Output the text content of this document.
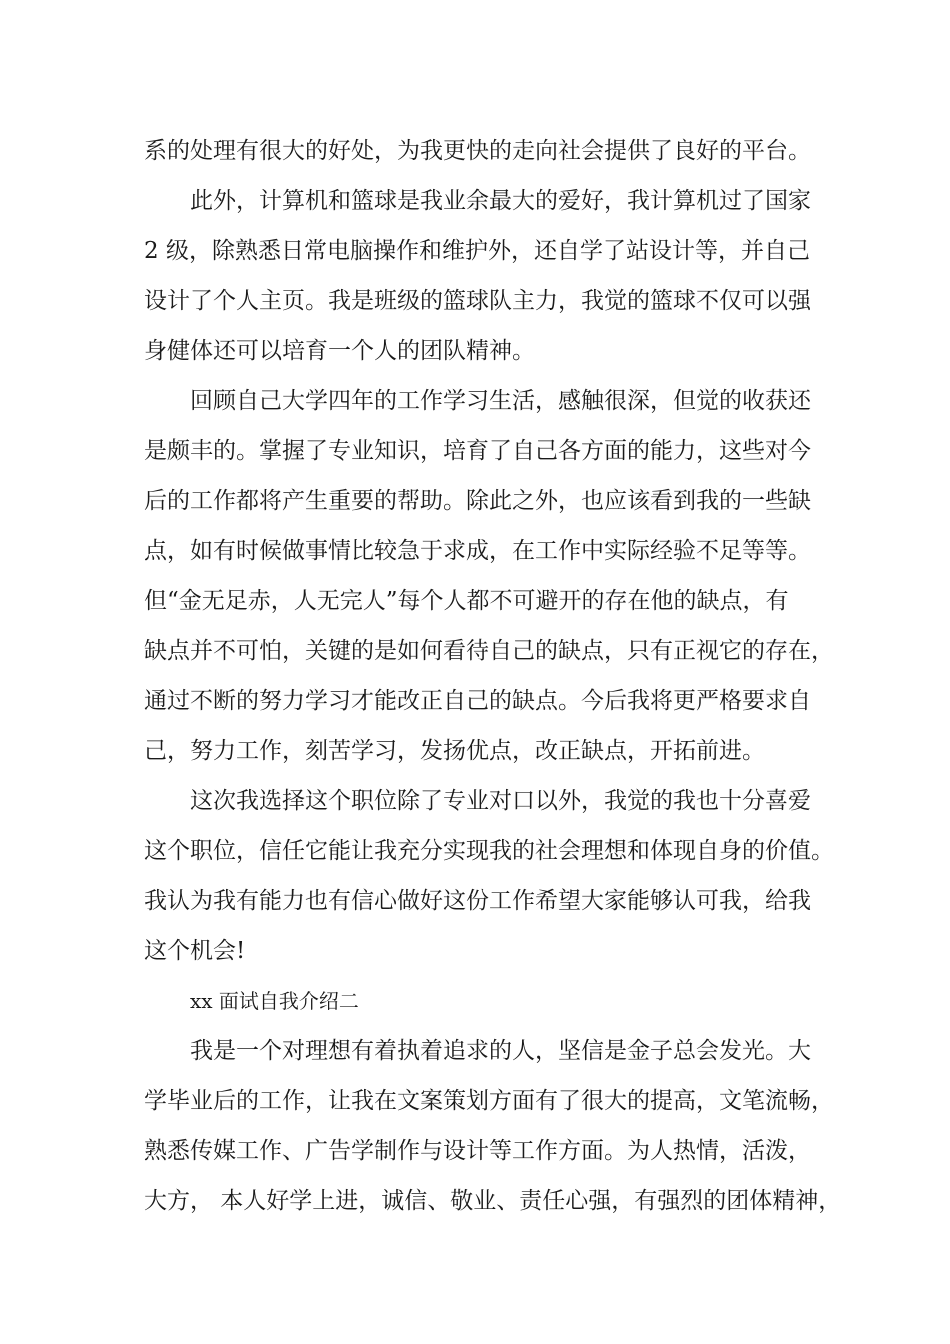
系的处理有很大的好处，为我更快的走向社会提供了良好的平台。
此外，计算机和篮球是我业余最大的爱好，我计算机过了国家
2 级，除熟悉日常电脑操作和维护外，还自学了站设计等，并自己
设计了个人主页。我是班级的篮球队主力，我觉的篮球不仅可以强
身健体还可以培育一个人的团队精神。
回顾自己大学四年的工作学习生活，感触很深，但觉的收获还
是颇丰的。掌握了专业知识，培育了自己各方面的能力，这些对今
后的工作都将产生重要的帮助。除此之外，也应该看到我的一些缺
点，如有时候做事情比较急于求成，在工作中实际经验不足等等。
但“金无足赤，人无完人”每个人都不可避开的存在他的缺点，有
缺点并不可怕，关键的是如何看待自己的缺点，只有正视它的存在，
通过不断的努力学习才能改正自己的缺点。今后我将更严格要求自
己，努力工作，刻苦学习，发扬优点，改正缺点，开拓前进。
这次我选择这个职位除了专业对口以外，我觉的我也十分喜爱
这个职位，信任它能让我充分实现我的社会理想和体现自身的价值。
我认为我有能力也有信心做好这份工作希望大家能够认可我，给我
这个机会!
xx 面试自我介绍二
我是一个对理想有着执着追求的人，坚信是金子总会发光。大
学毕业后的工作，让我在文案策划方面有了很大的提高，文笔流畅，
熟悉传媒工作、广告学制作与设计等工作方面。为人热情，活泼，
大方， 本人好学上进，诚信、敬业、责任心强，有强烈的团体精神，
